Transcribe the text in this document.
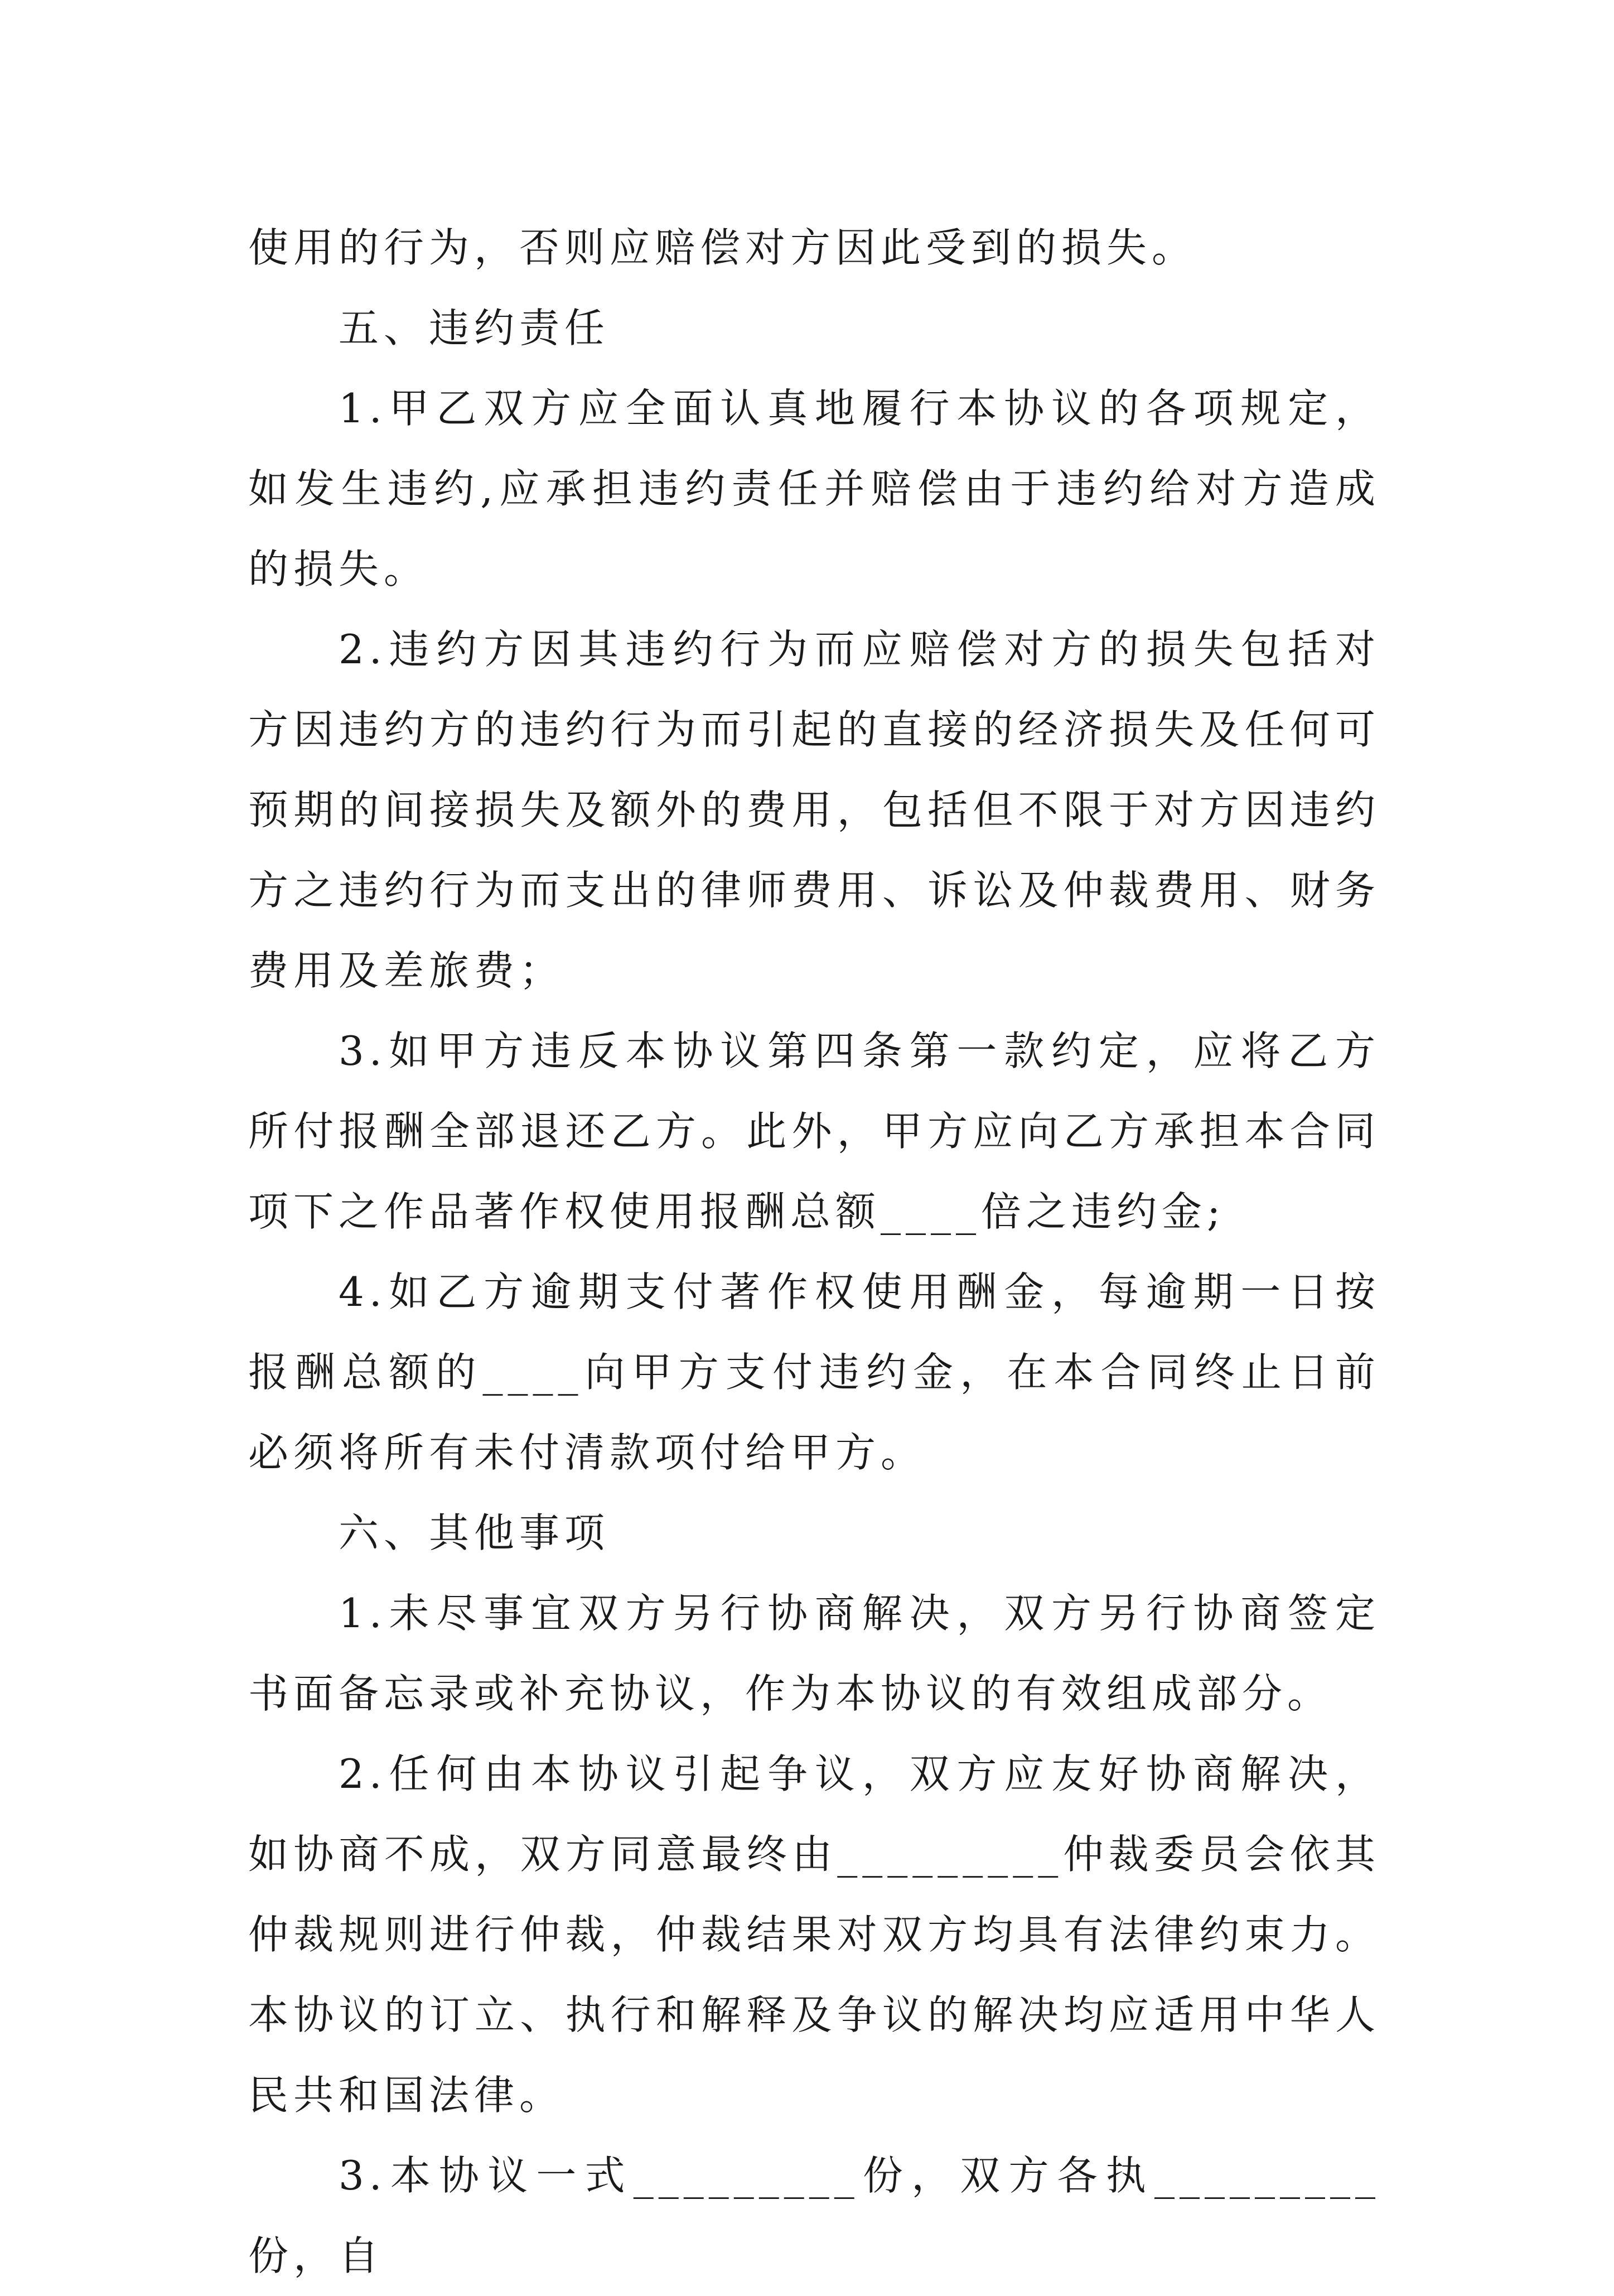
使用的行为，否则应赔偿对方因此受到的损失。

五、违约责任

1.甲乙双方应全面认真地履行本协议的各项规定，如发生违约,应承担违约责任并赔偿由于违约给对方造成的损失。

2.违约方因其违约行为而应赔偿对方的损失包括对方因违约方的违约行为而引起的直接的经济损失及任何可预期的间接损失及额外的费用，包括但不限于对方因违约方之违约行为而支出的律师费用、诉讼及仲裁费用、财务费用及差旅费；

3.如甲方违反本协议第四条第一款约定，应将乙方所付报酬全部退还乙方。此外，甲方应向乙方承担本合同项下之作品著作权使用报酬总额____倍之违约金;

4.如乙方逾期支付著作权使用酬金，每逾期一日按报酬总额的____向甲方支付违约金，在本合同终止日前必须将所有未付清款项付给甲方。

六、其他事项

1.未尽事宜双方另行协商解决，双方另行协商签定书面备忘录或补充协议，作为本协议的有效组成部分。

2.任何由本协议引起争议，双方应友好协商解决，如协商不成，双方同意最终由_________仲裁委员会依其仲裁规则进行仲裁，仲裁结果对双方均具有法律约束力。本协议的订立、执行和解释及争议的解决均应适用中华人民共和国法律。

3.本协议一式_________份，双方各执_________份，自
